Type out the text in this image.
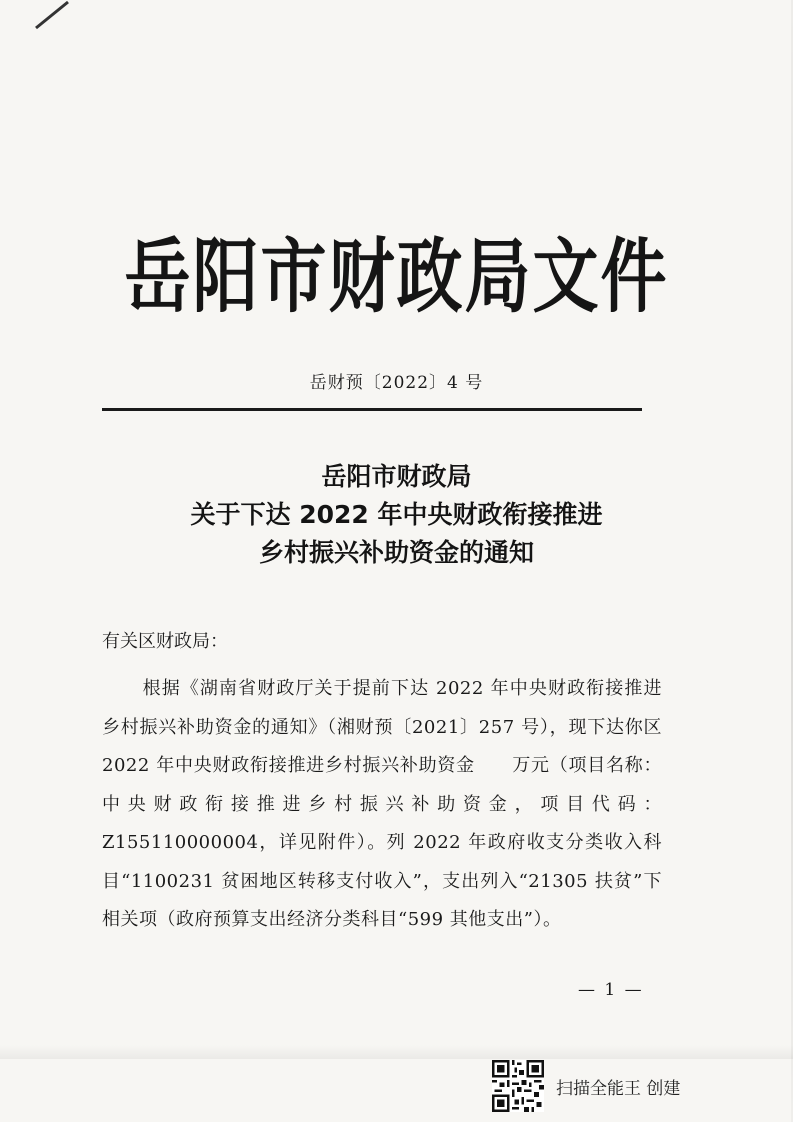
岳阳市财政局文件
岳财预〔2022〕4 号
岳阳市财政局
关于下达 2022 年中央财政衔接推进
乡村振兴补助资金的通知
有关区财政局：
根据《湖南省财政厅关于提前下达 2022 年中央财政衔接推进乡村振兴补助资金的通知》（湘财预〔2021〕257 号），现下达你区 2022 年中央财政衔接推进乡村振兴补助资金　　万元（项目名称：中央财政衔接推进乡村振兴补助资金，项目代码：Z155110000004，详见附件）。列 2022 年政府收支分类收入科目“1100231 贫困地区转移支付收入”，支出列入“21305 扶贫”下相关项（政府预算支出经济分类科目“599 其他支出”）。
— 1 —
扫描全能王 创建
